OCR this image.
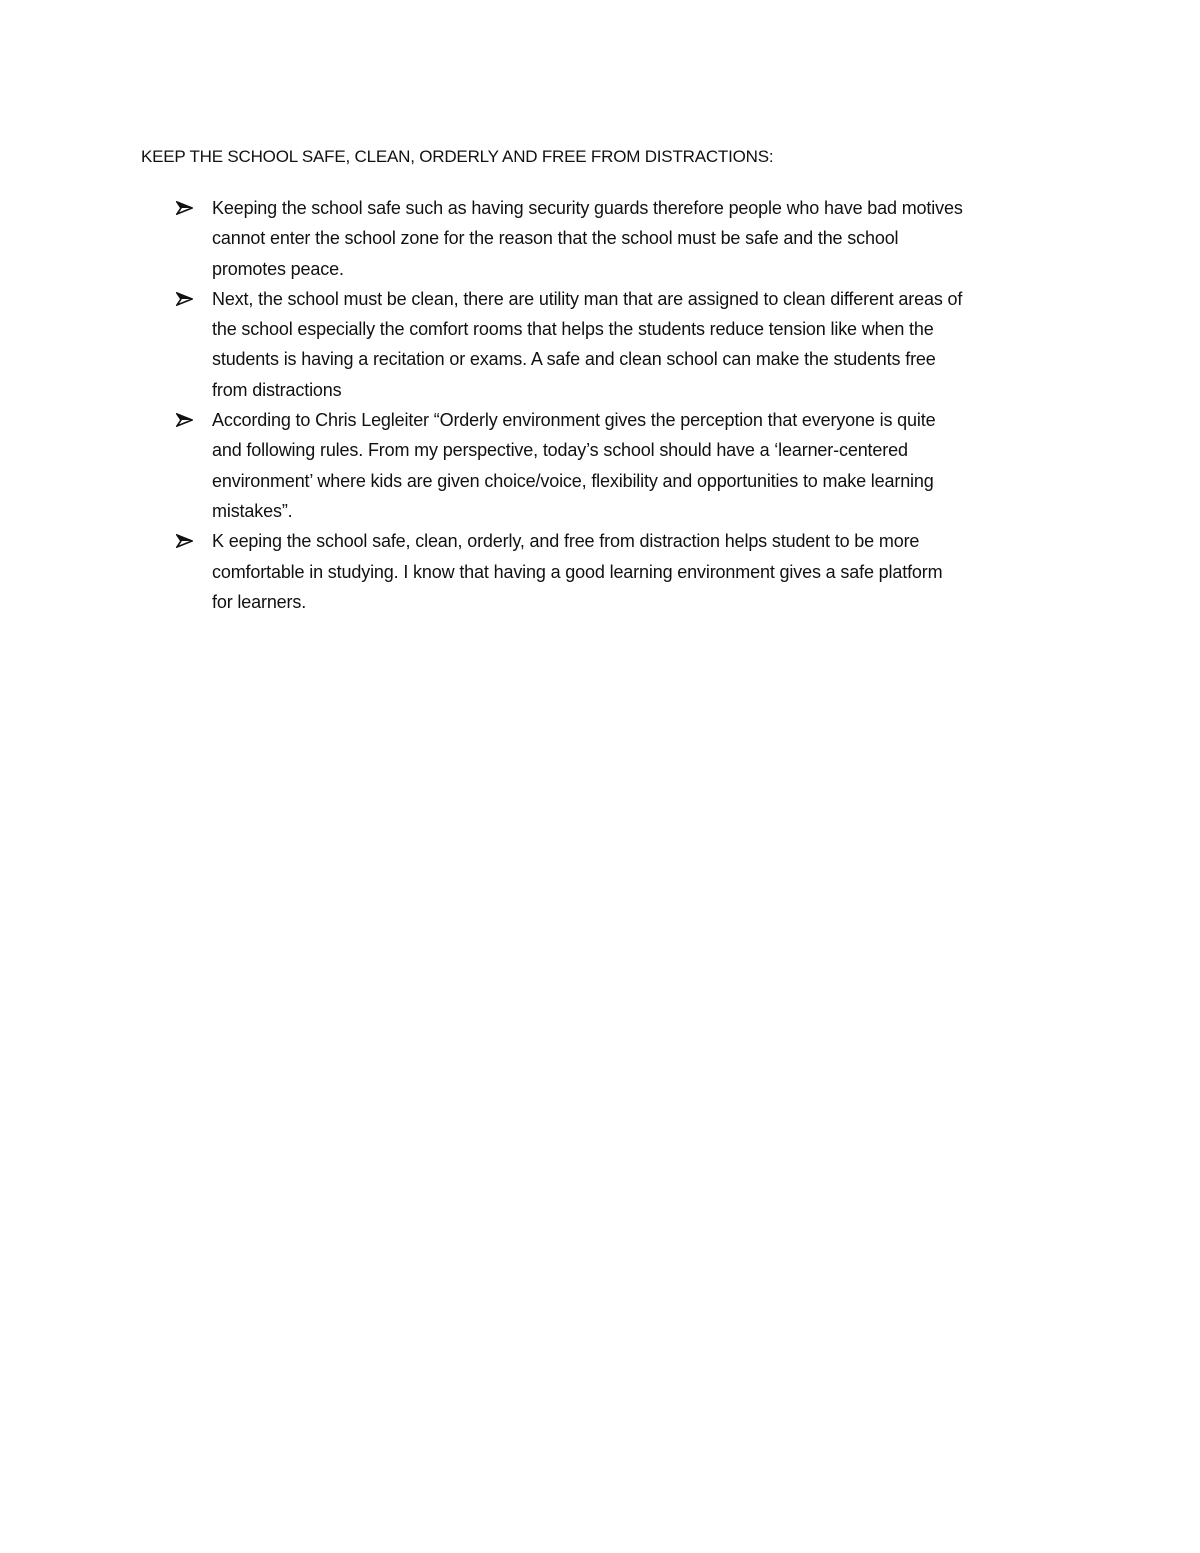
KEEP THE SCHOOL SAFE, CLEAN, ORDERLY AND FREE FROM DISTRACTIONS:
Keeping the school safe such as having security guards therefore people who have bad motives
cannot enter the school zone for the reason that the school must be safe and the school
promotes peace.
Next, the school must be clean, there are utility man that are assigned to clean different areas of
the school especially the comfort rooms that helps the students reduce tension like when the
students is having a recitation or exams. A safe and clean school can make the students free
from distractions
According to Chris Legleiter “Orderly environment gives the perception that everyone is quite
and following rules. From my perspective, today’s school should have a ‘learner-centered
environment’ where kids are given choice/voice, flexibility and opportunities to make learning
mistakes”.
K eeping the school safe, clean, orderly, and free from distraction helps student to be more
comfortable in studying. I know that having a good learning environment gives a safe platform
for learners.
